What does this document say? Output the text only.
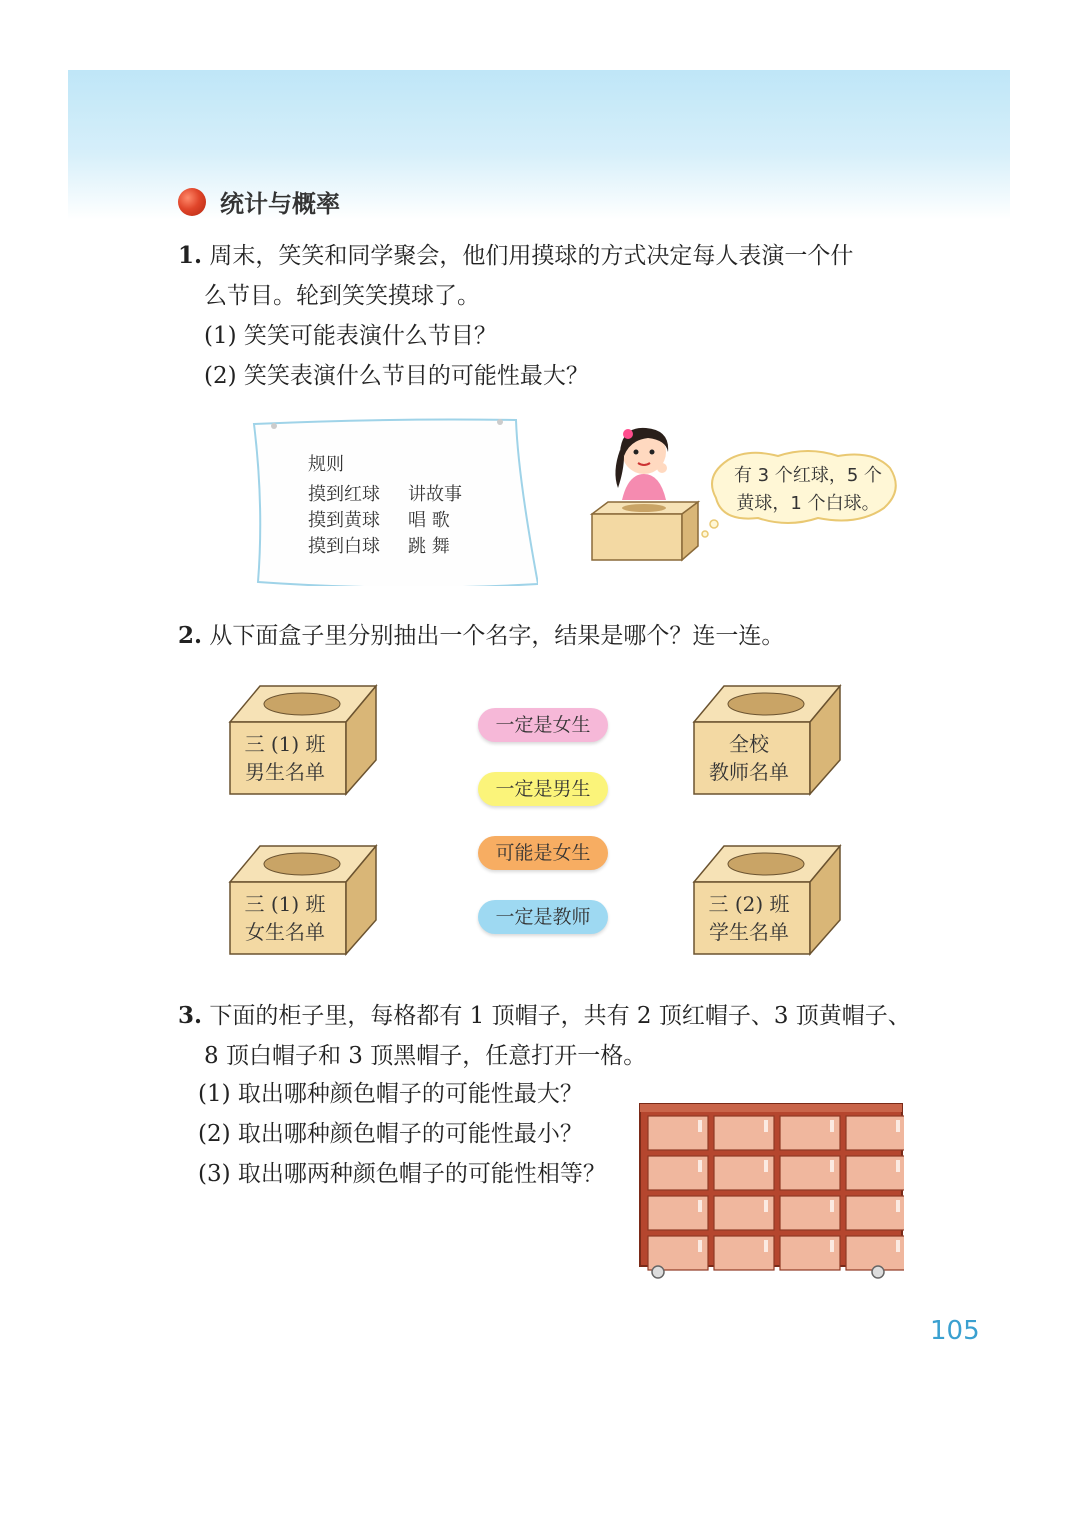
统计与概率
1. 周末，笑笑和同学聚会，他们用摸球的方式决定每人表演一个什
么节目。轮到笑笑摸球了。
(1) 笑笑可能表演什么节目？
(2) 笑笑表演什么节目的可能性最大？
规则
摸到红球 讲故事
摸到黄球 唱 歌
摸到白球 跳 舞
有 3 个红球，5 个
黄球，1 个白球。
2. 从下面盒子里分别抽出一个名字，结果是哪个？连一连。
三 (1) 班
男生名单
全校
教师名单
三 (1) 班
女生名单
三 (2) 班
学生名单
一定是女生
一定是男生
可能是女生
一定是教师
3. 下面的柜子里，每格都有 1 顶帽子，共有 2 顶红帽子、3 顶黄帽子、
8 顶白帽子和 3 顶黑帽子，任意打开一格。
(1) 取出哪种颜色帽子的可能性最大？
(2) 取出哪种颜色帽子的可能性最小？
(3) 取出哪两种颜色帽子的可能性相等？
105
